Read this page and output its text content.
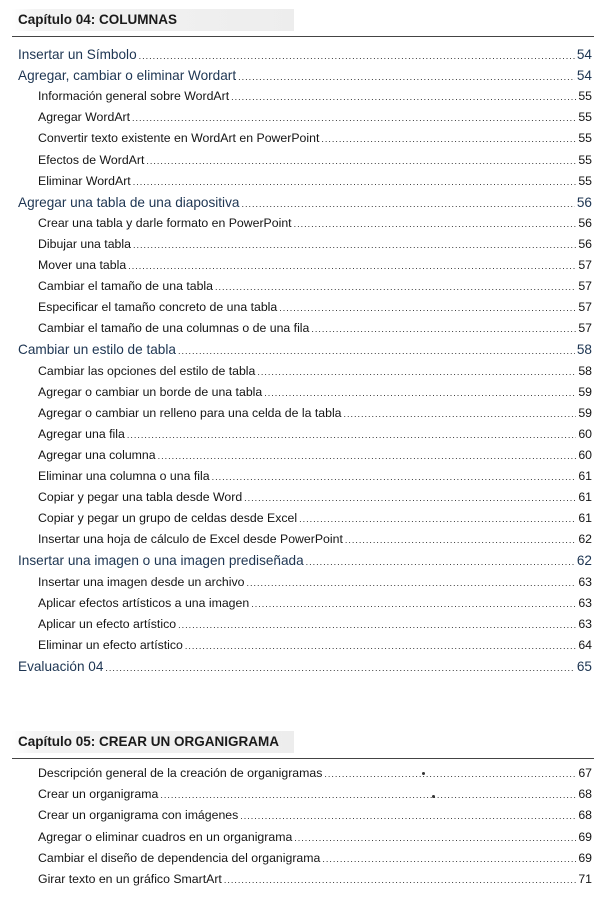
Capítulo 04: COLUMNAS
Insertar un Símbolo .....	54
Agregar, cambiar o eliminar Wordart .....	54
Información general sobre WordArt .....	55
Agregar WordArt .....	55
Convertir texto existente en WordArt en PowerPoint .....	55
Efectos de WordArt .....	55
Eliminar WordArt .....	55
Agregar una tabla de una diapositiva .....	56
Crear una tabla y darle formato en PowerPoint .....	56
Dibujar una tabla .....	56
Mover una tabla .....	57
Cambiar el tamaño de una tabla .....	57
Especificar el tamaño concreto de una tabla .....	57
Cambiar el tamaño de una columnas o de una fila .....	57
Cambiar un estilo de tabla .....	58
Cambiar las opciones del estilo de tabla .....	58
Agregar o cambiar un borde de una tabla .....	59
Agregar o cambiar un relleno para una celda de la tabla .....	59
Agregar una fila .....	60
Agregar una columna .....	60
Eliminar una columna o una fila .....	61
Copiar y pegar una tabla desde Word .....	61
Copiar y pegar un grupo de celdas desde Excel .....	61
Insertar una hoja de cálculo de Excel desde PowerPoint .....	62
Insertar una imagen o una imagen prediseñada .....	62
Insertar una imagen desde un archivo .....	63
Aplicar efectos artísticos a una imagen .....	63
Aplicar un efecto artístico .....	63
Eliminar un efecto artístico .....	64
Evaluación 04 .....	65
Capítulo 05: CREAR UN ORGANIGRAMA
Descripción general de la creación de organigramas .....	67
Crear un organigrama .....	68
Crear un organigrama con imágenes .....	68
Agregar o eliminar cuadros en un organigrama .....	69
Cambiar el diseño de dependencia del organigrama .....	69
Girar texto en un gráfico SmartArt .....	71
